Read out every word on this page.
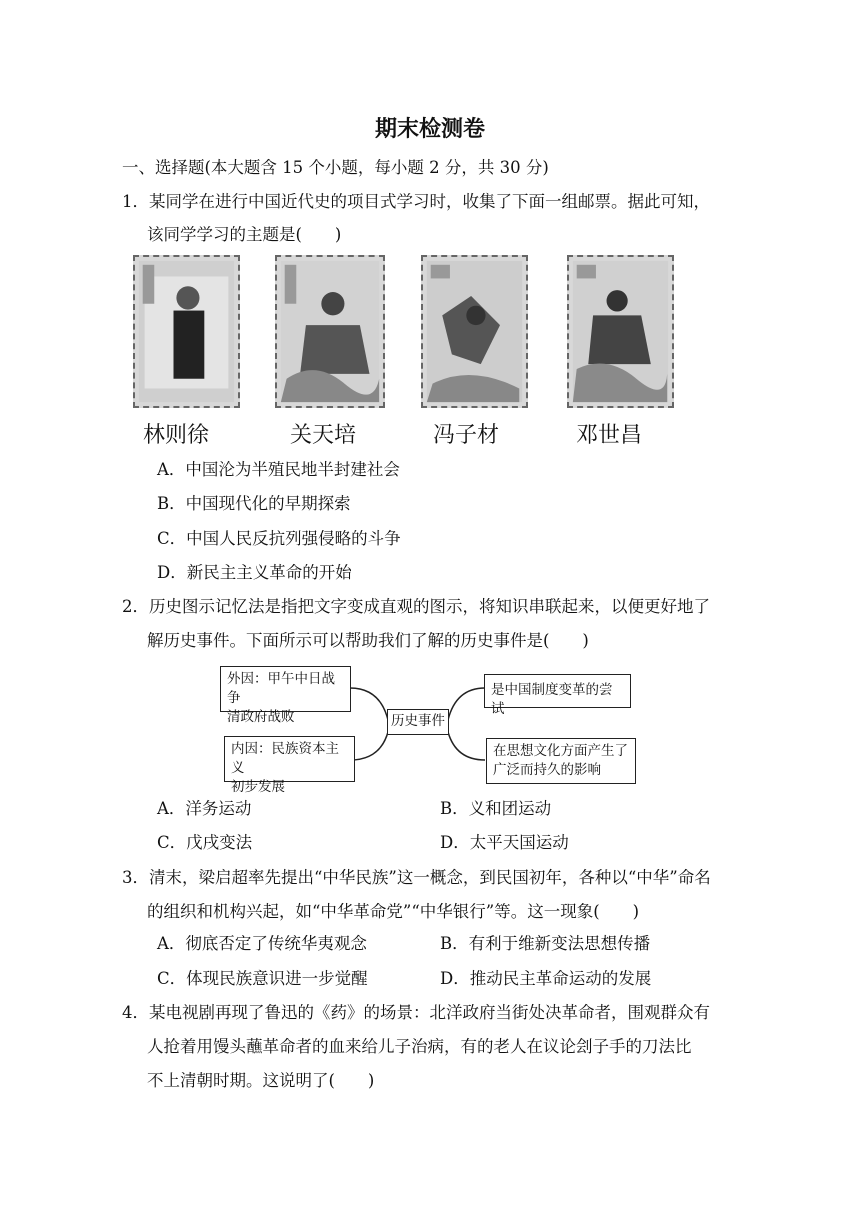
期末检测卷
一、选择题(本大题含 15 个小题，每小题 2 分，共 30 分)
1．某同学在进行中国近代史的项目式学习时，收集了下面一组邮票。据此可知，
该同学学习的主题是(　　)
林则徐	关天培	冯子材	邓世昌
A．中国沦为半殖民地半封建社会
B．中国现代化的早期探索
C．中国人民反抗列强侵略的斗争
D．新民主主义革命的开始
2．历史图示记忆法是指把文字变成直观的图示，将知识串联起来，以便更好地了
解历史事件。下面所示可以帮助我们了解的历史事件是(　　)
外因：甲午中日战争
清政府战败
内因：民族资本主义
初步发展
历史事件
是中国制度变革的尝试
在思想文化方面产生了
广泛而持久的影响
A．洋务运动	B．义和团运动
C．戊戌变法	D．太平天国运动
3．清末，梁启超率先提出“中华民族”这一概念，到民国初年，各种以“中华”命名
的组织和机构兴起，如“中华革命党”“中华银行”等。这一现象(　　)
A．彻底否定了传统华夷观念	B．有利于维新变法思想传播
C．体现民族意识进一步觉醒	D．推动民主革命运动的发展
4．某电视剧再现了鲁迅的《药》的场景：北洋政府当街处决革命者，围观群众有
人抢着用馒头蘸革命者的血来给儿子治病，有的老人在议论刽子手的刀法比
不上清朝时期。这说明了(　　)
